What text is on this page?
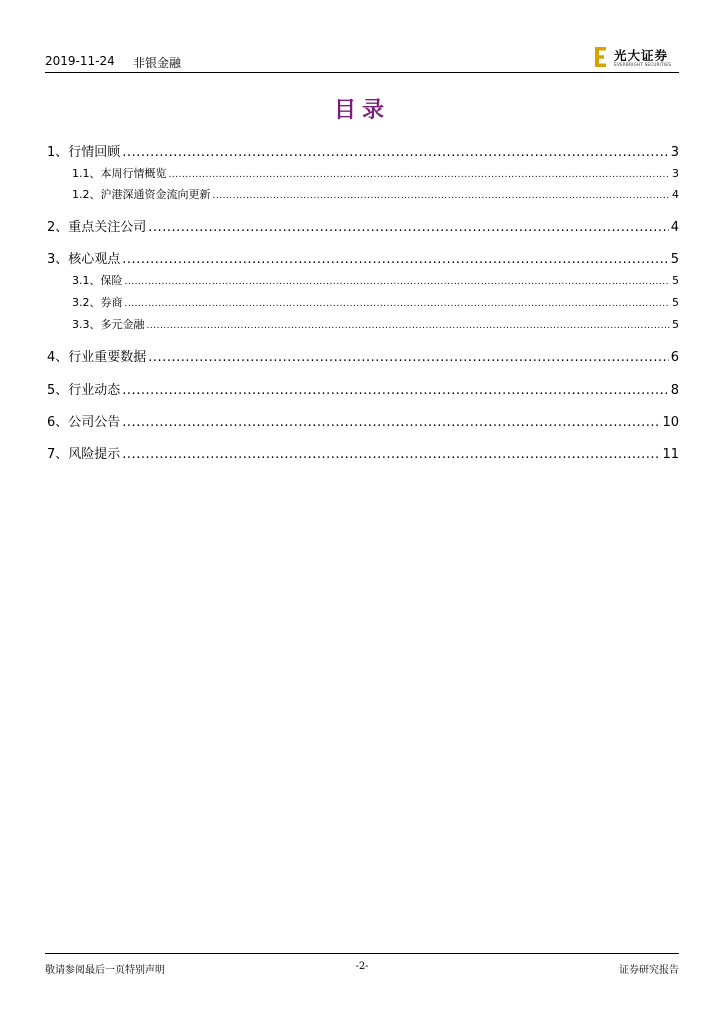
2019-11-24 非银金融	光大证券
EVERBRIGHT SECURITIES
目录
1、 行情回顾 .....	3
1.1、 本周行情概览 .....	3
1.2、 沪港深通资金流向更新 .....	4
2、 重点关注公司 .....	4
3、 核心观点 .....	5
3.1、 保险 .....	5
3.2、 券商 .....	5
3.3、 多元金融 .....	5
4、 行业重要数据 .....	6
5、 行业动态 .....	8
6、 公司公告 .....	10
7、 风险提示 .....	11
敬请参阅最后一页特别声明	-2-	证券研究报告
